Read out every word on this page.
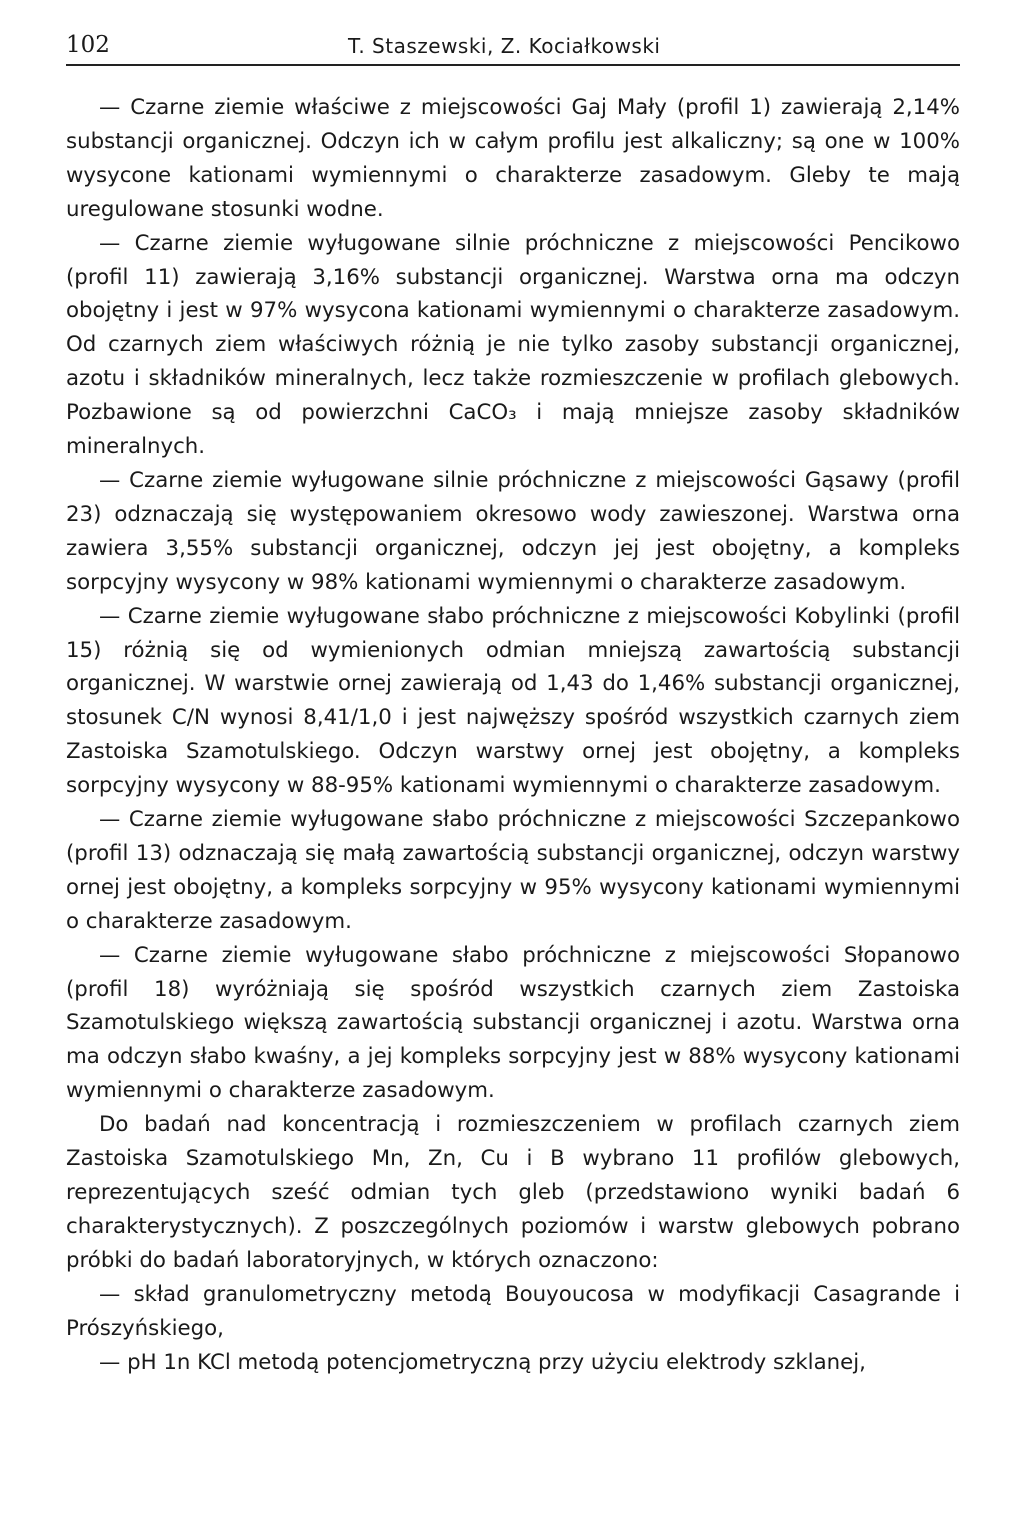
102	T. Staszewski, Z. Kociałkowski

— Czarne ziemie właściwe z miejscowości Gaj Mały (profil 1) zawierają 2,14% substancji organicznej. Odczyn ich w całym profilu jest alkaliczny; są one w 100% wysycone kationami wymiennymi o charakterze zasadowym. Gleby te mają uregulowane stosunki wodne.

— Czarne ziemie wyługowane silnie próchniczne z miejscowości Pencikowo (profil 11) zawierają 3,16% substancji organicznej. Warstwa orna ma odczyn obojętny i jest w 97% wysycona kationami wymiennymi o charakterze zasadowym. Od czarnych ziem właściwych różnią je nie tylko zasoby substancji organicznej, azotu i składników mineralnych, lecz także rozmieszczenie w profilach glebowych. Pozbawione są od powierzchni CaCO₃ i mają mniejsze zasoby składników mineralnych.

— Czarne ziemie wyługowane silnie próchniczne z miejscowości Gąsawy (profil 23) odznaczają się występowaniem okresowo wody zawieszonej. Warstwa orna zawiera 3,55% substancji organicznej, odczyn jej jest obojętny, a kompleks sorpcyjny wysycony w 98% kationami wymiennymi o charakterze zasadowym.

— Czarne ziemie wyługowane słabo próchniczne z miejscowości Kobylinki (profil 15) różnią się od wymienionych odmian mniejszą zawartością substancji organicznej. W warstwie ornej zawierają od 1,43 do 1,46% substancji organicznej, stosunek C/N wynosi 8,41/1,0 i jest najwęższy spośród wszystkich czarnych ziem Zastoiska Szamotulskiego. Odczyn warstwy ornej jest obojętny, a kompleks sorpcyjny wysycony w 88-95% kationami wymiennymi o charakterze zasadowym.

— Czarne ziemie wyługowane słabo próchniczne z miejscowości Szczepankowo (profil 13) odznaczają się małą zawartością substancji organicznej, odczyn warstwy ornej jest obojętny, a kompleks sorpcyjny w 95% wysycony kationami wymiennymi o charakterze zasadowym.

— Czarne ziemie wyługowane słabo próchniczne z miejscowości Słopanowo (profil 18) wyróżniają się spośród wszystkich czarnych ziem Zastoiska Szamotulskiego większą zawartością substancji organicznej i azotu. Warstwa orna ma odczyn słabo kwaśny, a jej kompleks sorpcyjny jest w 88% wysycony kationami wymiennymi o charakterze zasadowym.

Do badań nad koncentracją i rozmieszczeniem w profilach czarnych ziem Zastoiska Szamotulskiego Mn, Zn, Cu i B wybrano 11 profilów glebowych, reprezentujących sześć odmian tych gleb (przedstawiono wyniki badań 6 charakterystycznych). Z poszczególnych poziomów i warstw glebowych pobrano próbki do badań laboratoryjnych, w których oznaczono:

— skład granulometryczny metodą Bouyoucosa w modyfikacji Casagrande i Prószyńskiego,

— pH 1n KCl metodą potencjometryczną przy użyciu elektrody szklanej,
